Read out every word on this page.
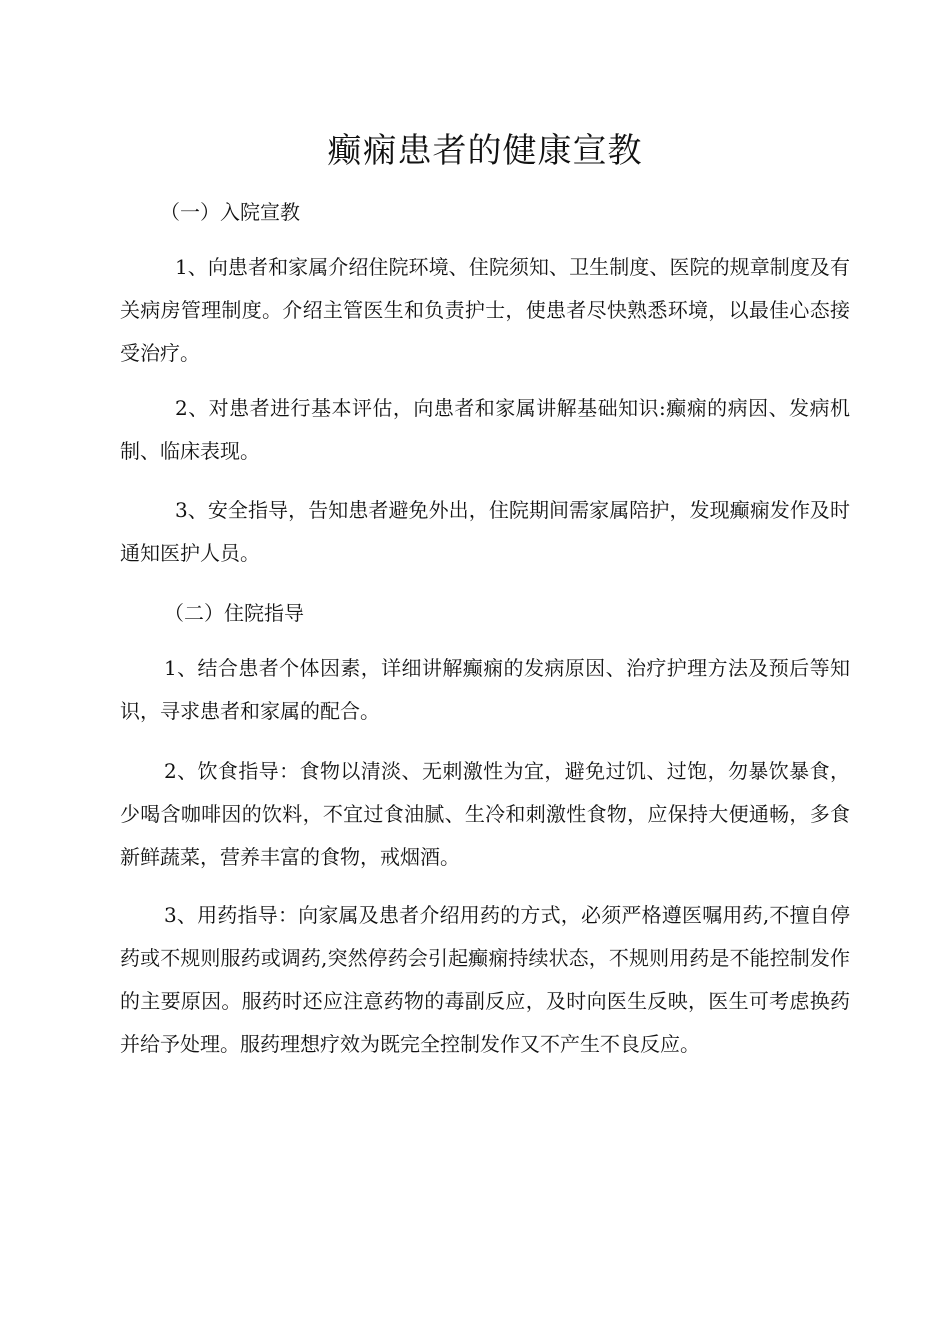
癫痫患者的健康宣教
（一）入院宣教
1、向患者和家属介绍住院环境、住院须知、卫生制度、医院的规章制度及有关病房管理制度。介绍主管医生和负责护士，使患者尽快熟悉环境，以最佳心态接受治疗。
2、对患者进行基本评估，向患者和家属讲解基础知识:癫痫的病因、发病机制、临床表现。
3、安全指导，告知患者避免外出，住院期间需家属陪护，发现癫痫发作及时通知医护人员。
（二）住院指导
1、结合患者个体因素，详细讲解癫痫的发病原因、治疗护理方法及预后等知识，寻求患者和家属的配合。
2、饮食指导：食物以清淡、无刺激性为宜，避免过饥、过饱，勿暴饮暴食，少喝含咖啡因的饮料，不宜过食油腻、生冷和刺激性食物，应保持大便通畅，多食新鲜蔬菜，营养丰富的食物，戒烟酒。
3、用药指导：向家属及患者介绍用药的方式，必须严格遵医嘱用药,不擅自停药或不规则服药或调药,突然停药会引起癫痫持续状态，不规则用药是不能控制发作的主要原因。服药时还应注意药物的毒副反应，及时向医生反映，医生可考虑换药并给予处理。服药理想疗效为既完全控制发作又不产生不良反应。
